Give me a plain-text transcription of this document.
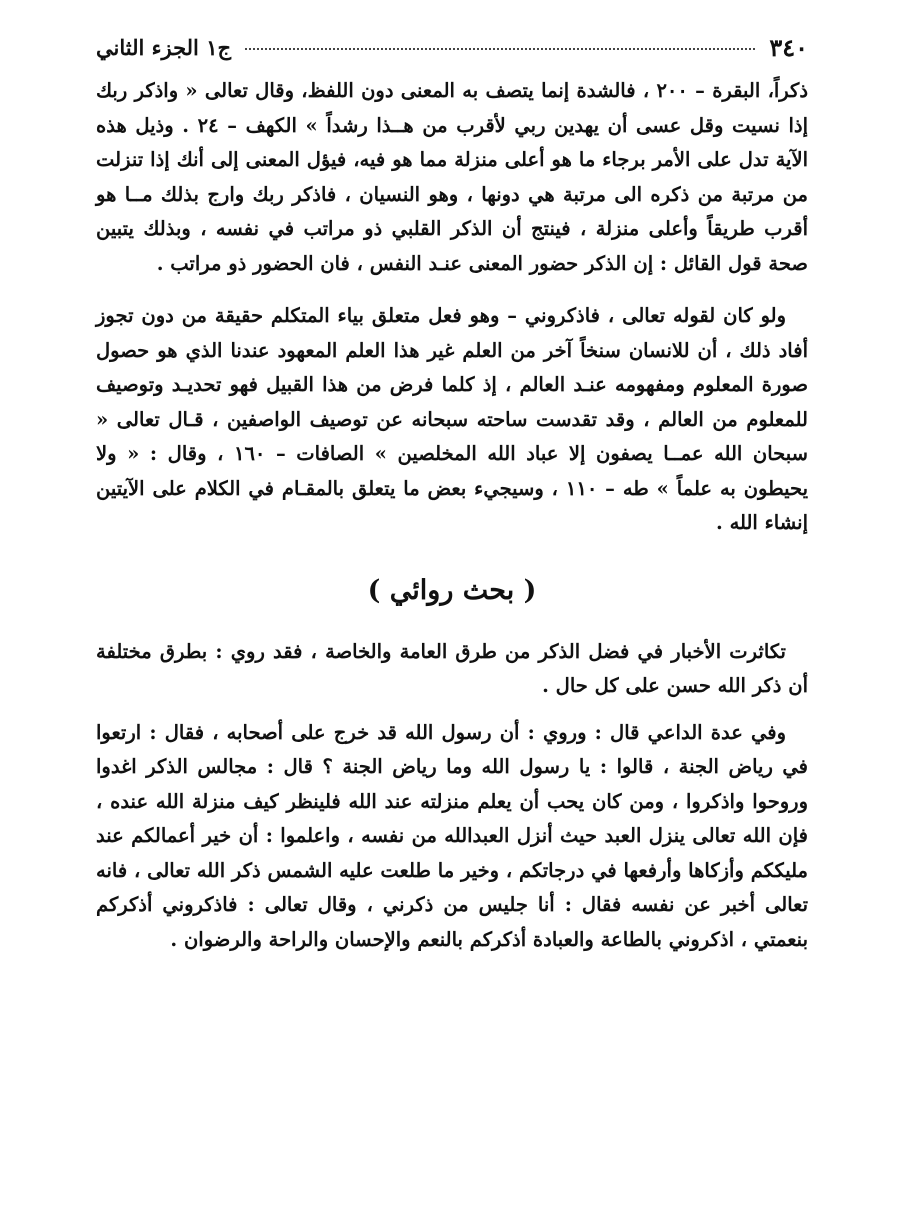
٣٤٠
ج١ الجزء الثاني

ذكراً، البقرة – ٢٠٠ ، فالشدة إنما يتصف به المعنى دون اللفظ، وقال تعالى « واذكر ربك إذا نسيت وقل عسى أن يهدين ربي لأقرب من هــذا رشداً » الكهف – ٢٤ . وذيل هذه الآية تدل على الأمر برجاء ما هو أعلى منزلة مما هو فيه، فيؤل المعنى إلى أنك إذا تنزلت من مرتبة من ذكره الى مرتبة هي دونها ، وهو النسيان ، فاذكر ربك وارج بذلك مــا هو أقرب طريقاً وأعلى منزلة ، فينتج أن الذكر القلبي ذو مراتب في نفسه ، وبذلك يتبين صحة قول القائل : إن الذكر حضور المعنى عنـد النفس ، فان الحضور ذو مراتب .

ولو كان لقوله تعالى ، فاذكروني – وهو فعل متعلق بياء المتكلم حقيقة من دون تجوز أفاد ذلك ، أن للانسان سنخاً آخر من العلم غير هذا العلم المعهود عندنا الذي هو حصول صورة المعلوم ومفهومه عنـد العالم ، إذ كلما فرض من هذا القبيل فهو تحديـد وتوصيف للمعلوم من العالم ، وقد تقدست ساحته سبحانه عن توصيف الواصفين ، قـال تعالى « سبحان الله عمــا يصفون إلا عباد الله المخلصين » الصافات – ١٦٠ ، وقال : « ولا يحيطون به علماً » طه – ١١٠ ، وسيجيء بعض ما يتعلق بالمقـام في الكلام على الآيتين إنشاء الله .

( بحث روائي )

تكاثرت الأخبار في فضل الذكر من طرق العامة والخاصة ، فقد روي : بطرق مختلفة أن ذكر الله حسن على كل حال .

وفي عدة الداعي قال : وروي : أن رسول الله قد خرج على أصحابه ، فقال : ارتعوا في رياض الجنة ، قالوا : يا رسول الله وما رياض الجنة ؟ قال : مجالس الذكر اغدوا وروحوا واذكروا ، ومن كان يحب أن يعلم منزلته عند الله فلينظر كيف منزلة الله عنده ، فإن الله تعالى ينزل العبد حيث أنزل العبدالله من نفسه ، واعلموا : أن خير أعمالكم عند مليككم وأزكاها وأرفعها في درجاتكم ، وخير ما طلعت عليه الشمس ذكر الله تعالى ، فانه تعالى أخبر عن نفسه فقال : أنا جليس من ذكرني ، وقال تعالى : فاذكروني أذكركم بنعمتي ، اذكروني بالطاعة والعبادة أذكركم بالنعم والإحسان والراحة والرضوان .
